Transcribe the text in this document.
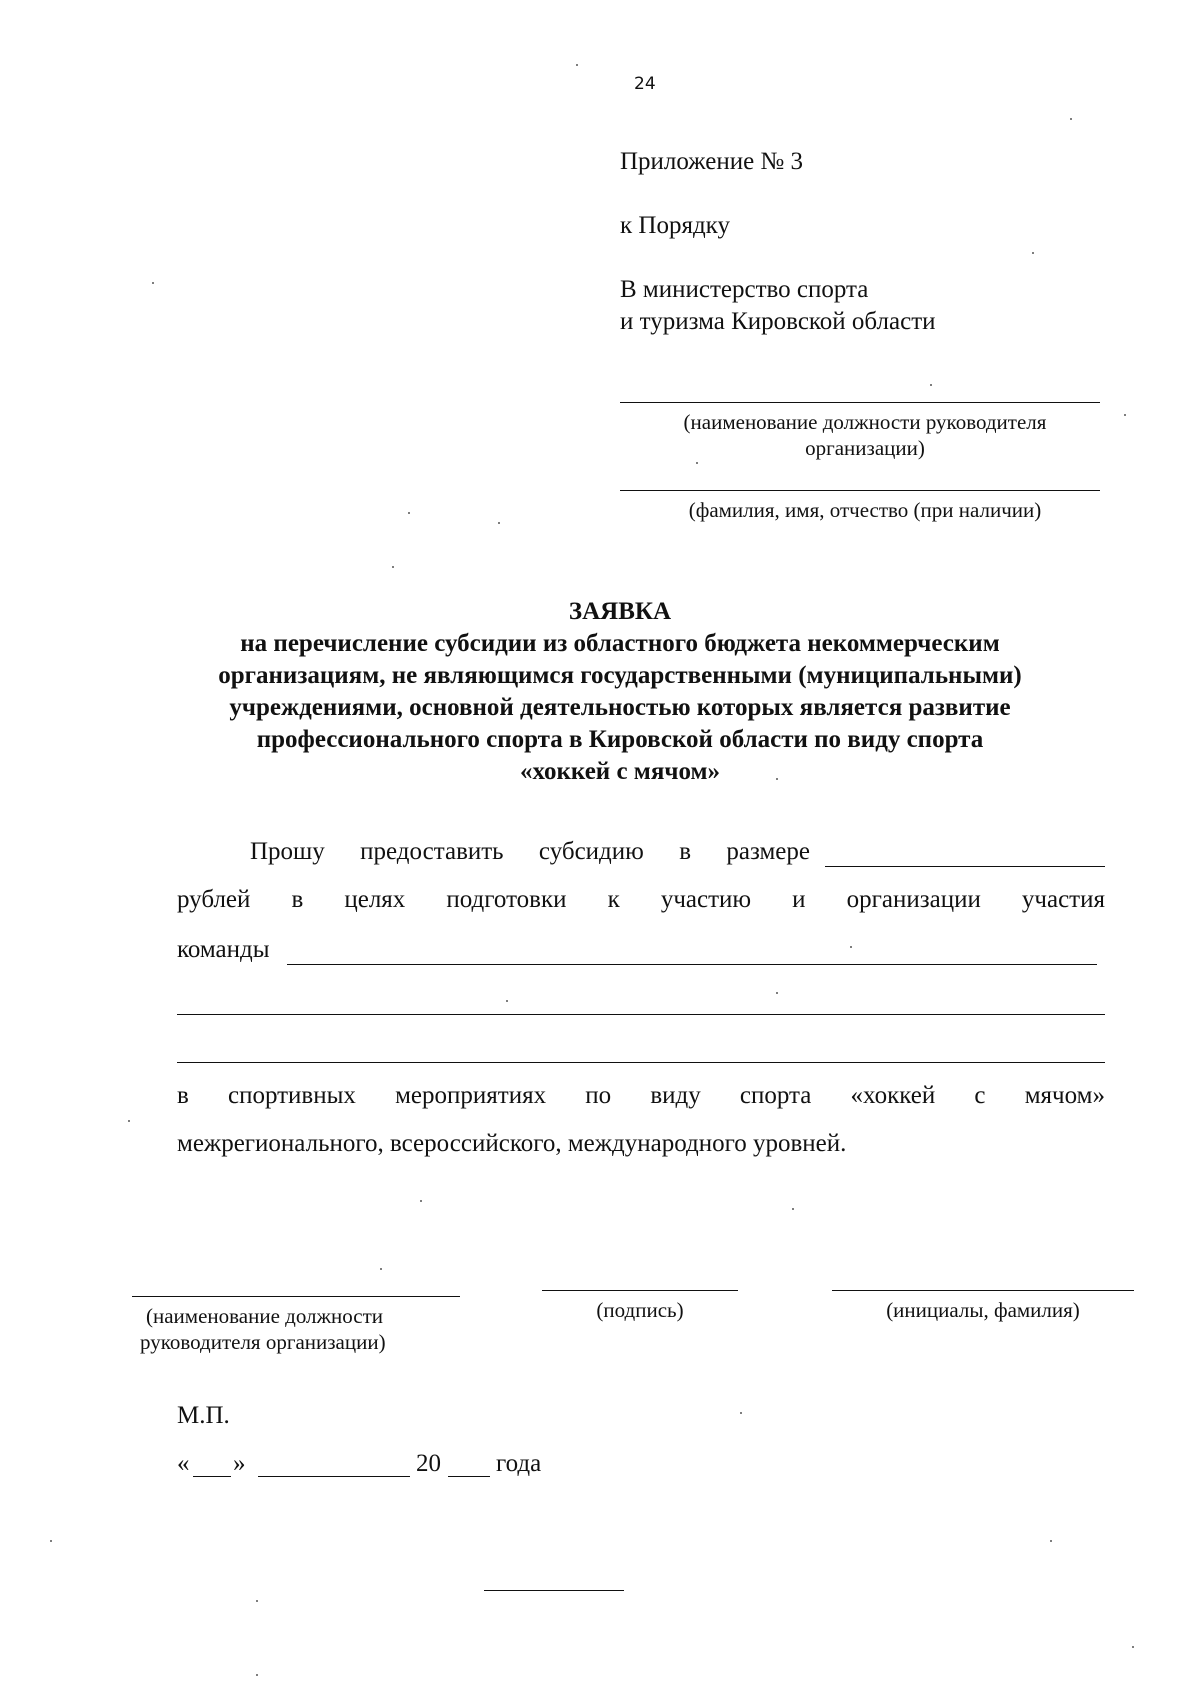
24
Приложение № 3
к Порядку
В министерство спорта
и туризма Кировской области
(наименование должности руководителя
организации)
(фамилия, имя, отчество (при наличии)
ЗАЯВКА
на перечисление субсидии из областного бюджета некоммерческим
организациям, не являющимся государственными (муниципальными)
учреждениями, основной деятельностью которых является развитие
профессионального спорта в Кировской области по виду спорта
«хоккей с мячом»
Прошу предоставить субсидию в размере
рублей в целях подготовки к участию и организации участия
команды
в спортивных мероприятиях по виду спорта «хоккей с мячом»
межрегионального, всероссийского, международного уровней.
(наименование должности
руководителя организации)
(подпись)	(инициалы, фамилия)
М.П.
« »	20 года
